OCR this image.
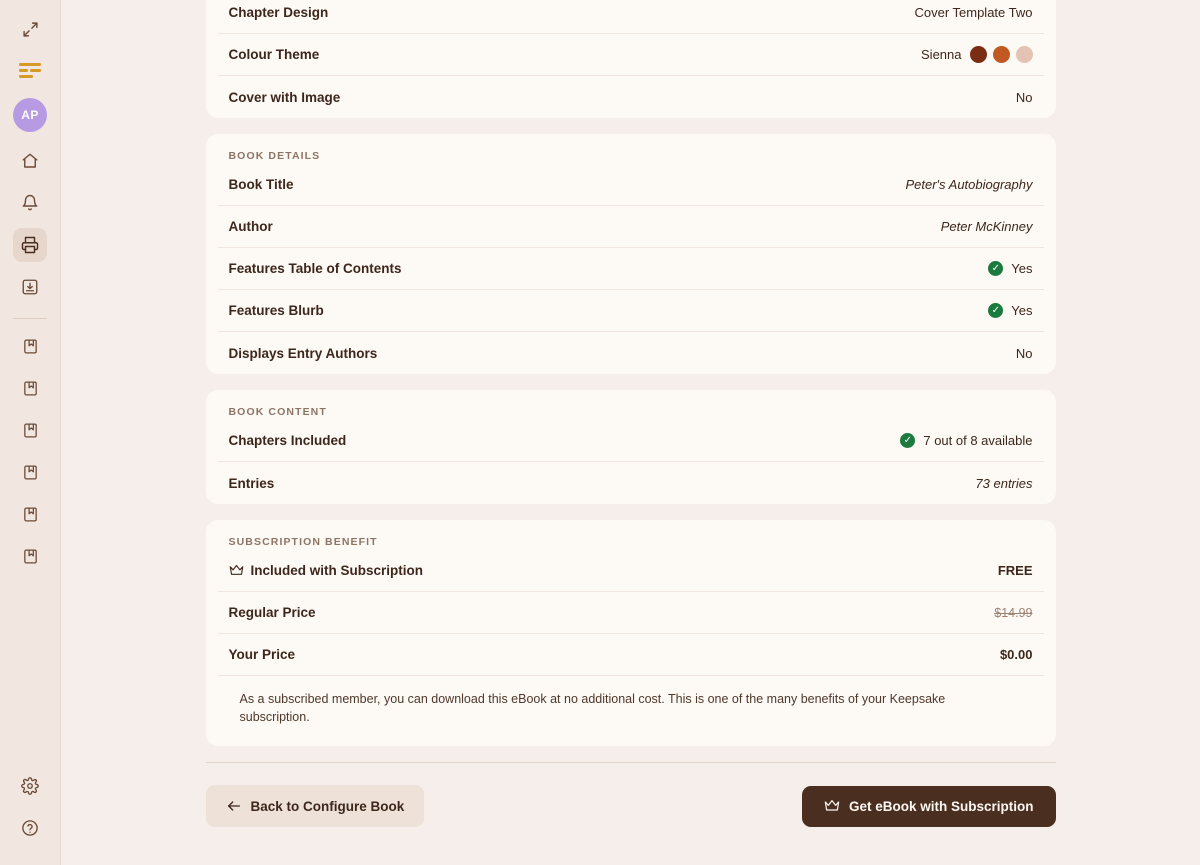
AP
Chapter Design	Cover Template Two
Colour Theme	Sienna
Cover with Image	No
BOOK DETAILS
Book Title	Peter's Autobiography
Author	Peter McKinney
Features Table of Contents	✓ Yes
Features Blurb	✓ Yes
Displays Entry Authors	No
BOOK CONTENT
Chapters Included	✓ 7 out of 8 available
Entries	73 entries
SUBSCRIPTION BENEFIT
Included with Subscription	FREE
Regular Price	$14.99
Your Price	$0.00
As a subscribed member, you can download this eBook at no additional cost. This is one of the many benefits of your Keepsake subscription.
Back to Configure Book	Get eBook with Subscription
